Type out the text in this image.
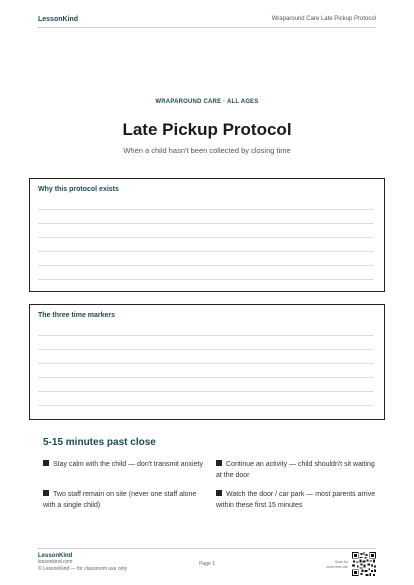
LessonKind	Wraparound Care Late Pickup Protocol
WRAPAROUND CARE · ALL AGES
Late Pickup Protocol
When a child hasn't been collected by closing time
Why this protocol exists
The three time markers
5-15 minutes past close
Stay calm with the child — don't transmit anxiety	Continue an activity — child shouldn't sit waiting at the door
Two staff remain on site (never one staff alone with a single child)
Watch the door / car park — most parents arrive within these first 15 minutes
LessonKind
lessonkind.com
© LessonKind — for classroom use only
Page 1	Scan for
more free use
